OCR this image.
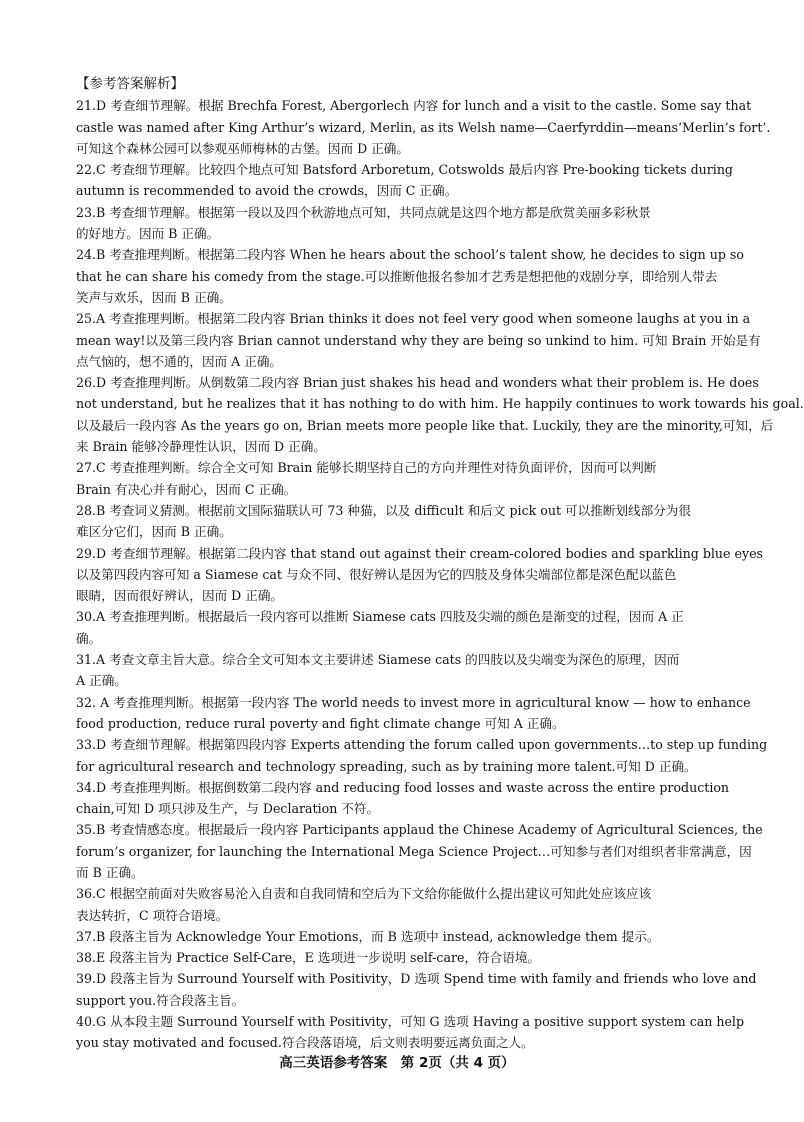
【参考答案解析】
21.D 考查细节理解。根据 Brechfa Forest, Abergorlech 内容 for lunch and a visit to the castle. Some say that
castle was named after King Arthur’s wizard, Merlin, as its Welsh name—Caerfyrddin—means‘Merlin’s fort’.
可知这个森林公园可以参观巫师梅林的古堡。因而 D 正确。
22.C 考查细节理解。比较四个地点可知 Batsford Arboretum, Cotswolds 最后内容 Pre-booking tickets during
autumn is recommended to avoid the crowds，因而 C 正确。
23.B 考查细节理解。根据第一段以及四个秋游地点可知，共同点就是这四个地方都是欣赏美丽多彩秋景
的好地方。因而 B 正确。
24.B 考查推理判断。根据第二段内容 When he hears about the school’s talent show, he decides to sign up so
that he can share his comedy from the stage.可以推断他报名参加才艺秀是想把他的戏剧分享，即给别人带去
笑声与欢乐，因而 B 正确。
25.A 考查推理判断。根据第二段内容 Brian thinks it does not feel very good when someone laughs at you in a
mean way!以及第三段内容 Brian cannot understand why they are being so unkind to him. 可知 Brain 开始是有
点气恼的，想不通的，因而 A 正确。
26.D 考查推理判断。从倒数第二段内容 Brian just shakes his head and wonders what their problem is. He does
not understand, but he realizes that it has nothing to do with him. He happily continues to work towards his goal.
以及最后一段内容 As the years go on, Brian meets more people like that. Luckily, they are the minority,可知，后
来 Brain 能够冷静理性认识，因而 D 正确。
27.C 考查推理判断。综合全文可知 Brain 能够长期坚持自己的方向并理性对待负面评价，因而可以判断
Brain 有决心并有耐心，因而 C 正确。
28.B 考查词义猜测。根据前文国际猫联认可 73 种猫，以及 difficult 和后文 pick out 可以推断划线部分为很
难区分它们，因而 B 正确。
29.D 考查细节理解。根据第二段内容 that stand out against their cream-colored bodies and sparkling blue eyes
以及第四段内容可知 a Siamese cat 与众不同、很好辨认是因为它的四肢及身体尖端部位都是深色配以蓝色
眼睛，因而很好辨认，因而 D 正确。
30.A 考查推理判断。根据最后一段内容可以推断 Siamese cats 四肢及尖端的颜色是渐变的过程，因而 A 正
确。
31.A 考查文章主旨大意。综合全文可知本文主要讲述 Siamese cats 的四肢以及尖端变为深色的原理，因而
A 正确。
32. A 考查推理判断。根据第一段内容 The world needs to invest more in agricultural know — how to enhance
food production, reduce rural poverty and fight climate change 可知 A 正确。
33.D 考查细节理解。根据第四段内容 Experts attending the forum called upon governments…to step up funding
for agricultural research and technology spreading, such as by training more talent.可知 D 正确。
34.D 考查推理判断。根据倒数第二段内容 and reducing food losses and waste across the entire production
chain,可知 D 项只涉及生产，与 Declaration 不符。
35.B 考查情感态度。根据最后一段内容 Participants applaud the Chinese Academy of Agricultural Sciences, the
forum’s organizer, for launching the International Mega Science Project…可知参与者们对组织者非常满意，因
而 B 正确。
36.C 根据空前面对失败容易沦入自责和自我同情和空后为下文给你能做什么提出建议可知此处应该应该
表达转折，C 项符合语境。
37.B 段落主旨为 Acknowledge Your Emotions，而 B 选项中 instead, acknowledge them 提示。
38.E 段落主旨为 Practice Self-Care，E 选项进一步说明 self-care，符合语境。
39.D 段落主旨为 Surround Yourself with Positivity，D 选项 Spend time with family and friends who love and
support you.符合段落主旨。
40.G 从本段主题 Surround Yourself with Positivity，可知 G 选项 Having a positive support system can help
you stay motivated and focused.符合段落语境，后文则表明要远离负面之人。
高三英语参考答案　第 2页（共 4 页）
